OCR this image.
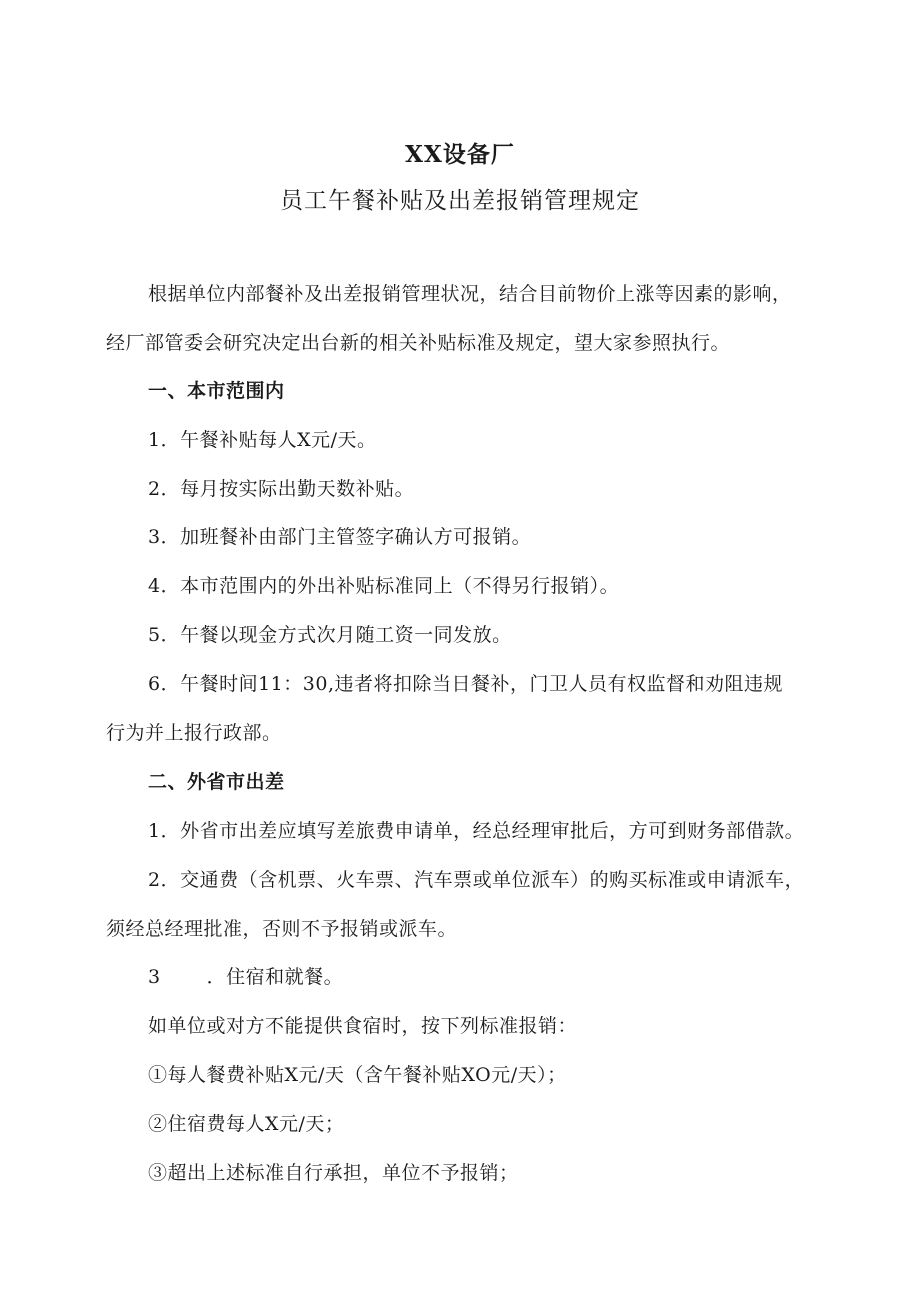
XX设备厂
员工午餐补贴及出差报销管理规定
根据单位内部餐补及出差报销管理状况，结合目前物价上涨等因素的影响，
经厂部管委会研究决定出台新的相关补贴标准及规定，望大家参照执行。
一、本市范围内
1．午餐补贴每人X元/天。
2．每月按实际出勤天数补贴。
3．加班餐补由部门主管签字确认方可报销。
4．本市范围内的外出补贴标准同上（不得另行报销）。
5．午餐以现金方式次月随工资一同发放。
6．午餐时间11：30,违者将扣除当日餐补，门卫人员有权监督和劝阻违规
行为并上报行政部。
二、外省市出差
1．外省市出差应填写差旅费申请单，经总经理审批后，方可到财务部借款。
2．交通费（含机票、火车票、汽车票或单位派车）的购买标准或申请派车，
须经总经理批准，否则不予报销或派车。
3 ．住宿和就餐。
如单位或对方不能提供食宿时，按下列标准报销：
①每人餐费补贴X元/天（含午餐补贴XO元/天）；
②住宿费每人X元/天；
③超出上述标准自行承担，单位不予报销；
